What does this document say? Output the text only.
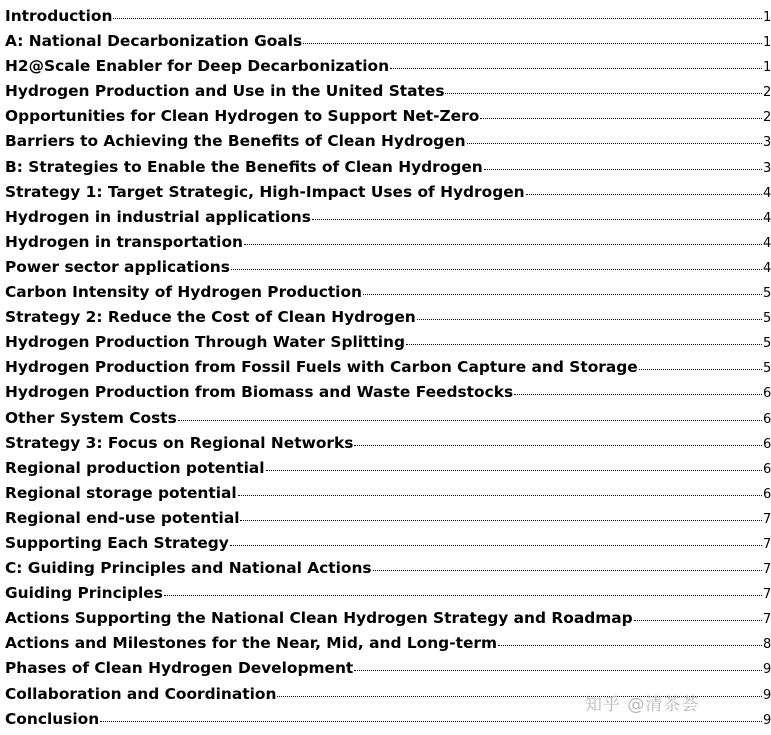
Introduction	1
A: National Decarbonization Goals	1
H2@Scale Enabler for Deep Decarbonization	1
Hydrogen Production and Use in the United States	2
Opportunities for Clean Hydrogen to Support Net-Zero	2
Barriers to Achieving the Benefits of Clean Hydrogen	3
B: Strategies to Enable the Benefits of Clean Hydrogen	3
Strategy 1: Target Strategic, High-Impact Uses of Hydrogen	4
Hydrogen in industrial applications	4
Hydrogen in transportation	4
Power sector applications	4
Carbon Intensity of Hydrogen Production	5
Strategy 2: Reduce the Cost of Clean Hydrogen	5
Hydrogen Production Through Water Splitting	5
Hydrogen Production from Fossil Fuels with Carbon Capture and Storage	5
Hydrogen Production from Biomass and Waste Feedstocks	6
Other System Costs	6
Strategy 3: Focus on Regional Networks	6
Regional production potential	6
Regional storage potential	6
Regional end-use potential	7
Supporting Each Strategy	7
C: Guiding Principles and National Actions	7
Guiding Principles	7
Actions Supporting the National Clean Hydrogen Strategy and Roadmap	7
Actions and Milestones for the Near, Mid, and Long-term	8
Phases of Clean Hydrogen Development	9
Collaboration and Coordination	9
Conclusion	9
知乎 @清茶荟
